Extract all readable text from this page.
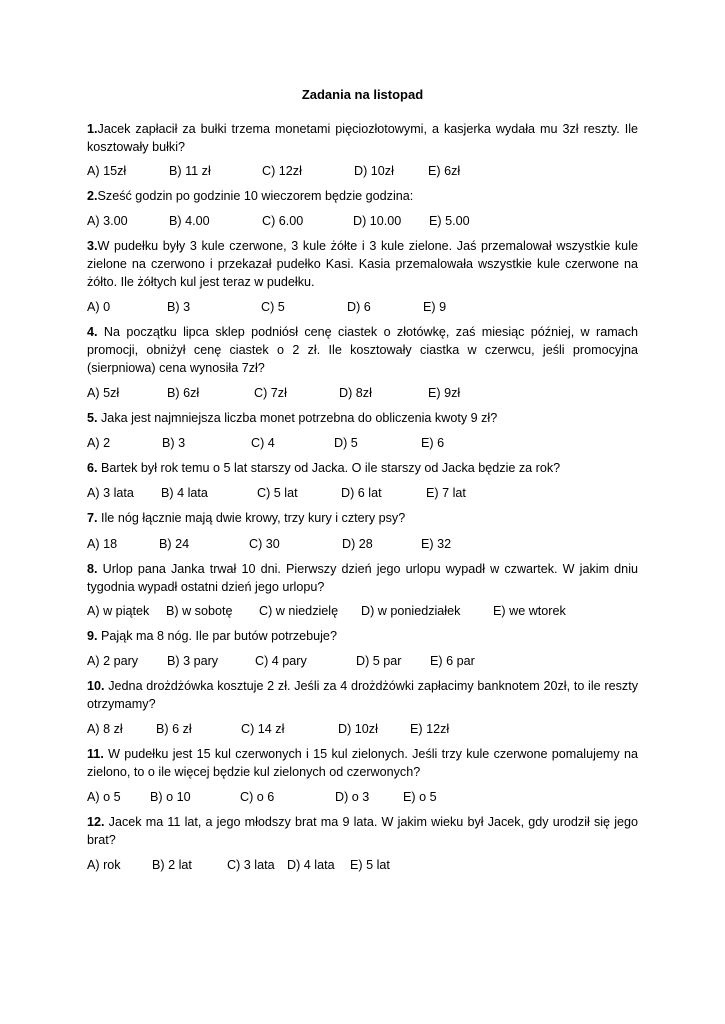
Zadania na listopad
1.Jacek zapłacił za bułki trzema monetami pięciozłotowymi, a kasjerka wydała mu 3zł reszty. Ile kosztowały bułki?
A) 15zł	B) 11 zł	C) 12zł	D) 10zł	E) 6zł
2.Sześć godzin po godzinie 10 wieczorem będzie godzina:
A) 3.00	B) 4.00	C) 6.00	D) 10.00 E) 5.00
3.W pudełku były 3 kule czerwone, 3 kule żółte i 3 kule zielone. Jaś przemalował wszystkie kule zielone na czerwono i przekazał pudełko Kasi. Kasia przemalowała wszystkie kule czerwone na żółto. Ile żółtych kul jest teraz w pudełku.
A) 0	B) 3	C) 5	D) 6	E) 9
4. Na początku lipca sklep podniósł cenę ciastek o złotówkę, zaś miesiąc później, w ramach promocji, obniżył cenę ciastek o 2 zł. Ile kosztowały ciastka w czerwcu, jeśli promocyjna (sierpniowa) cena wynosiła 7zł?
A) 5zł	B) 6zł	C) 7zł	D) 8zł	E) 9zł
5. Jaka jest najmniejsza liczba monet potrzebna do obliczenia kwoty 9 zł?
A) 2	B) 3	C) 4	D) 5	E) 6
6. Bartek był rok temu o 5 lat starszy od Jacka. O ile starszy od Jacka będzie za rok?
A) 3 lata B) 4 lata	C) 5 lat	D) 6 lat	E) 7 lat
7. Ile nóg łącznie mają dwie krowy, trzy kury i cztery psy?
A) 18	B) 24	C) 30	D) 28	E) 32
8. Urlop pana Janka trwał 10 dni. Pierwszy dzień jego urlopu wypadł w czwartek. W jakim dniu tygodnia wypadł ostatni dzień jego urlopu?
A) w piątek B) w sobotę C) w niedzielę D) w poniedziałek	E) we wtorek
9. Pająk ma 8 nóg. Ile par butów potrzebuje?
A) 2 pary B) 3 pary	C) 4 pary	D) 5 par E) 6 par
10. Jedna drożdżówka kosztuje 2 zł. Jeśli za 4 drożdżówki zapłacimy banknotem 20zł, to ile reszty otrzymamy?
A) 8 zł	B) 6 zł	C) 14 zł	D) 10zł	E) 12zł
11. W pudełku jest 15 kul czerwonych i 15 kul zielonych. Jeśli trzy kule czerwone pomalujemy na zielono, to o ile więcej będzie kul zielonych od czerwonych?
A) o 5 B) o 10	C) o 6	D) o 3	E) o 5
12. Jacek ma 11 lat, a jego młodszy brat ma 9 lata. W jakim wieku był Jacek, gdy urodził się jego brat?
A) rok B) 2 lat	C) 3 lata D) 4 lata E) 5 lat
